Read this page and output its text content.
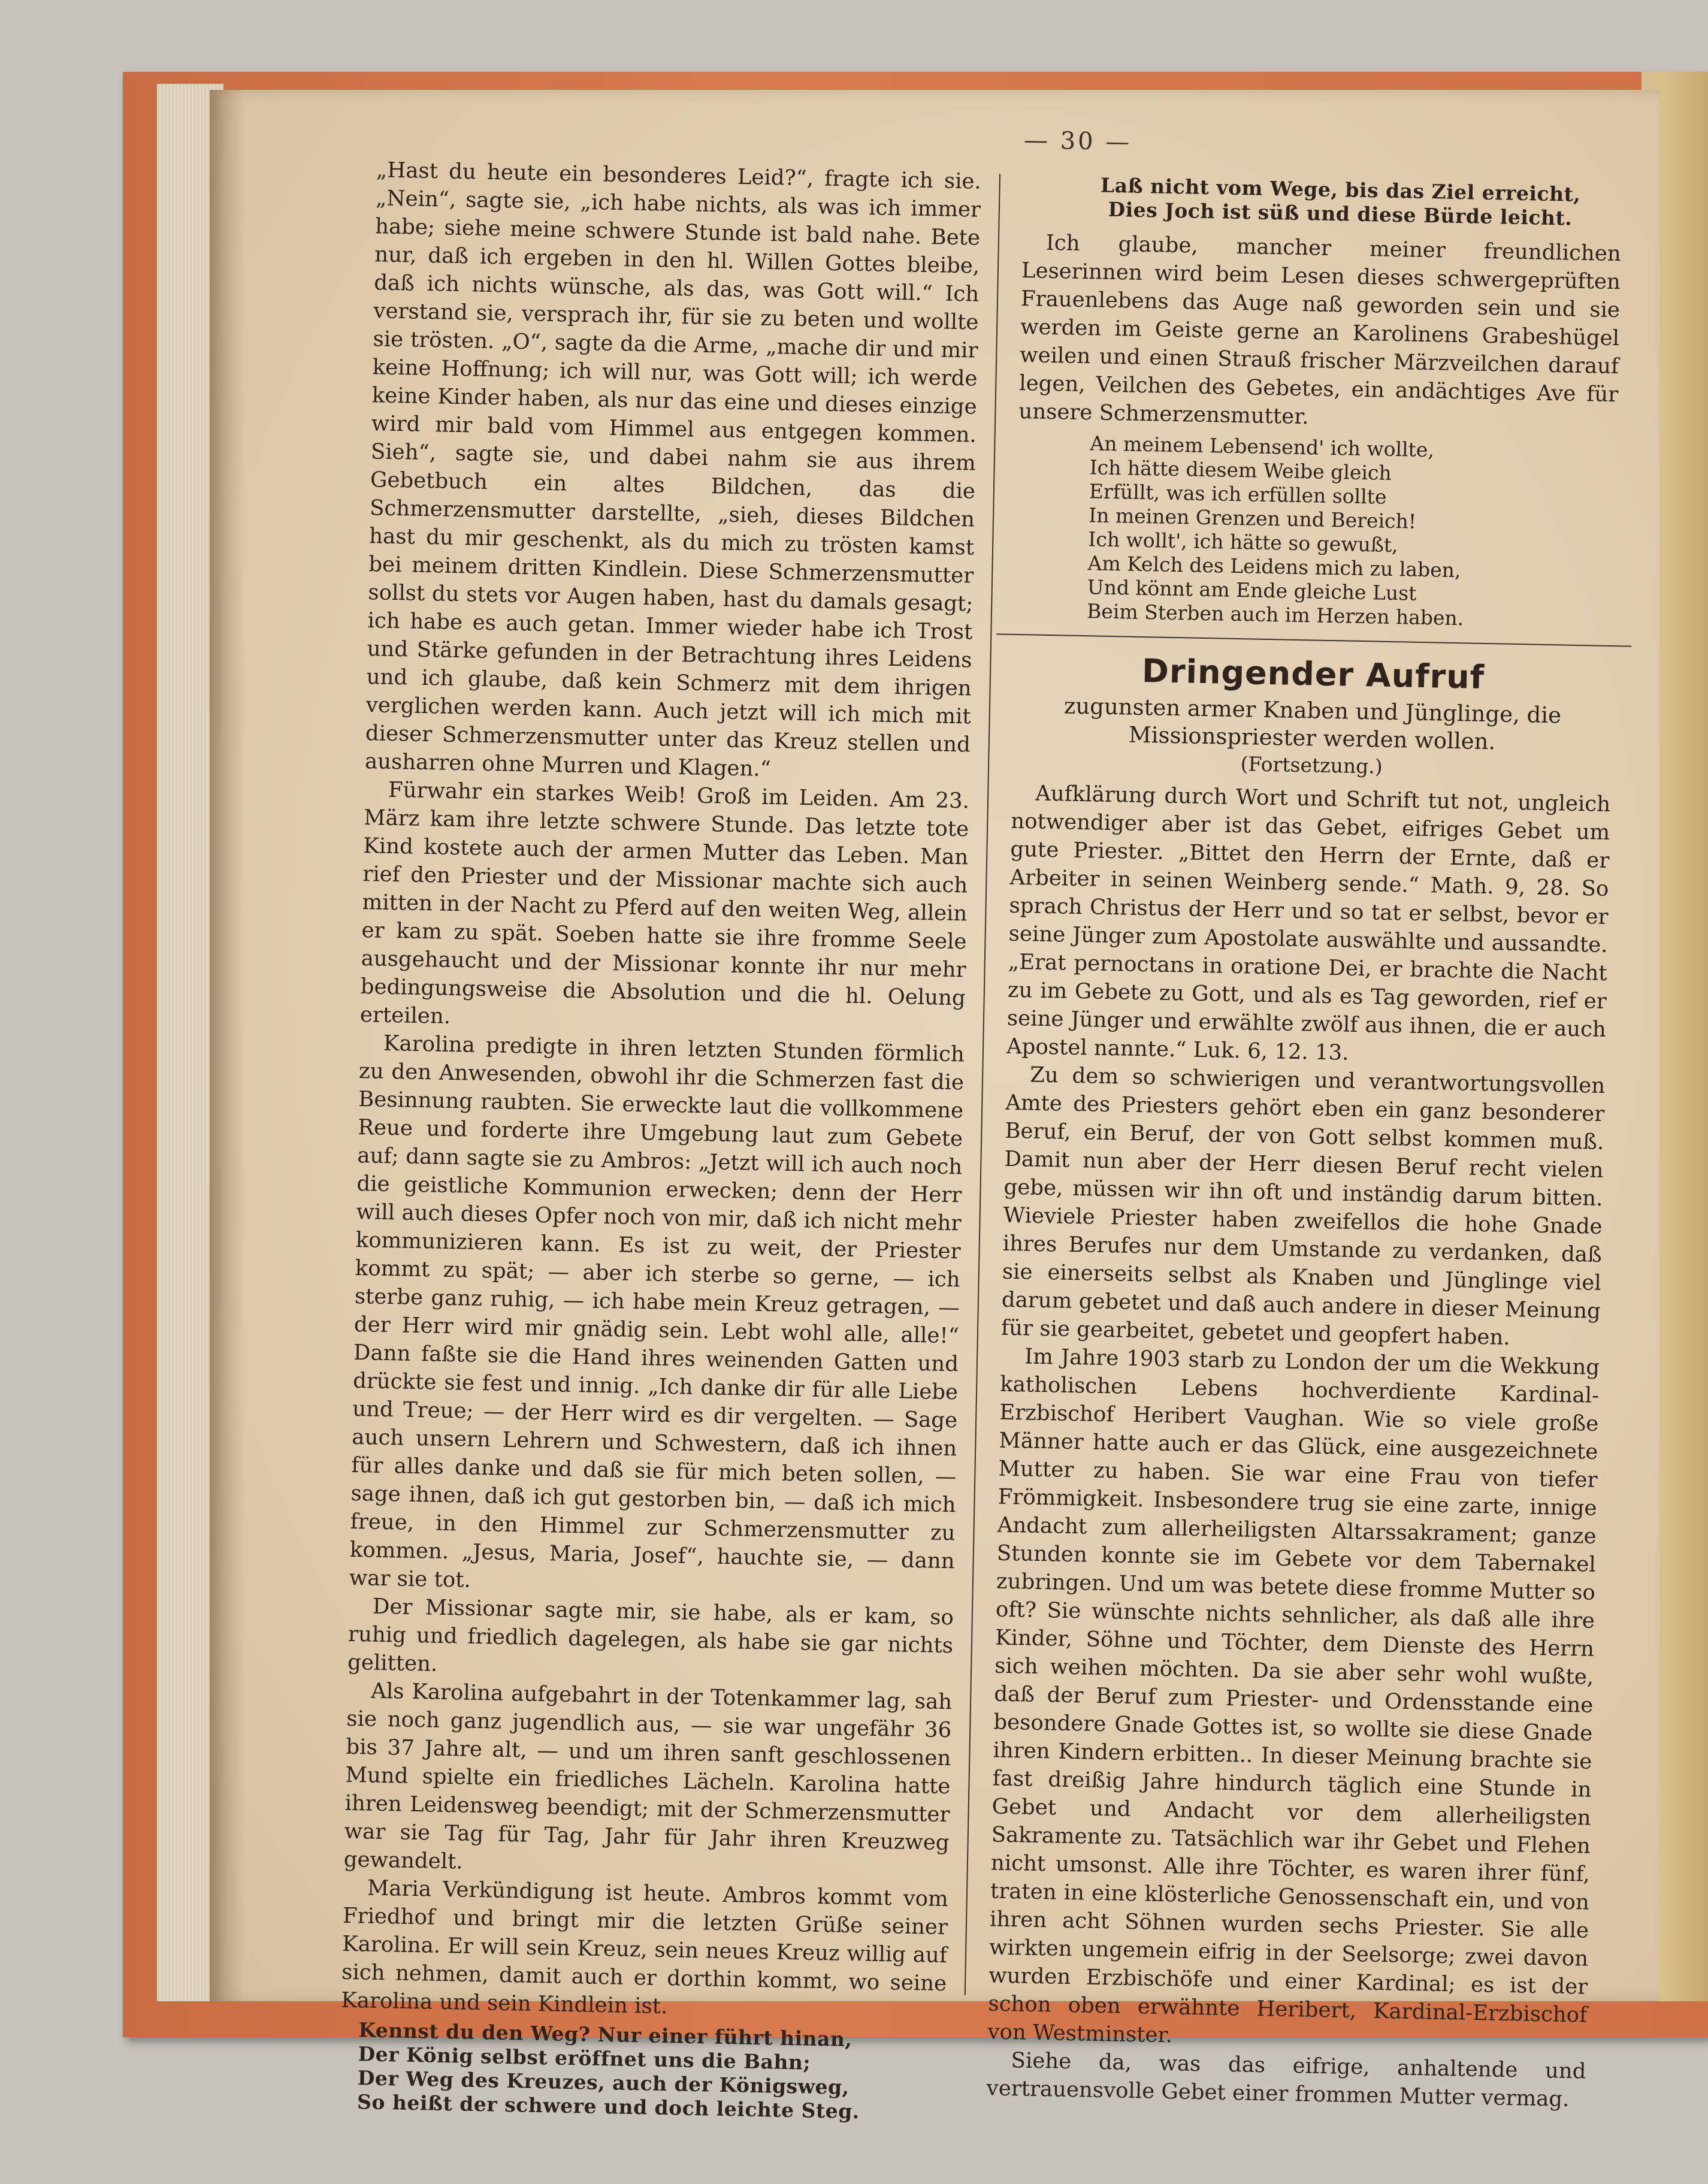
— 30 —

„Hast du heute ein besonderes Leid?“, fragte ich sie. „Nein“, sagte sie, „ich habe nichts, als was ich immer habe; siehe meine schwere Stunde ist bald nahe. Bete nur, daß ich ergeben in den hl. Willen Gottes bleibe, daß ich nichts wünsche, als das, was Gott will.“ Ich verstand sie, versprach ihr, für sie zu beten und wollte sie trösten. „O“, sagte da die Arme, „mache dir und mir keine Hoffnung; ich will nur, was Gott will; ich werde keine Kinder haben, als nur das eine und dieses einzige wird mir bald vom Himmel aus entgegen kommen. Sieh“, sagte sie, und dabei nahm sie aus ihrem Gebetbuch ein altes Bildchen, das die Schmerzensmutter darstellte, „sieh, dieses Bildchen hast du mir geschenkt, als du mich zu trösten kamst bei meinem dritten Kindlein. Diese Schmerzensmutter sollst du stets vor Augen haben, hast du damals gesagt; ich habe es auch getan. Immer wieder habe ich Trost und Stärke gefunden in der Betrachtung ihres Leidens und ich glaube, daß kein Schmerz mit dem ihrigen verglichen werden kann. Auch jetzt will ich mich mit dieser Schmerzensmutter unter das Kreuz stellen und ausharren ohne Murren und Klagen.“

Fürwahr ein starkes Weib! Groß im Leiden. Am 23. März kam ihre letzte schwere Stunde. Das letzte tote Kind kostete auch der armen Mutter das Leben. Man rief den Priester und der Missionar machte sich auch mitten in der Nacht zu Pferd auf den weiten Weg, allein er kam zu spät. Soeben hatte sie ihre fromme Seele ausgehaucht und der Missionar konnte ihr nur mehr bedingungsweise die Absolution und die hl. Oelung erteilen.

Karolina predigte in ihren letzten Stunden förmlich zu den Anwesenden, obwohl ihr die Schmerzen fast die Besinnung raubten. Sie erweckte laut die vollkommene Reue und forderte ihre Umgebung laut zum Gebete auf; dann sagte sie zu Ambros: „Jetzt will ich auch noch die geistliche Kommunion erwecken; denn der Herr will auch dieses Opfer noch von mir, daß ich nicht mehr kommunizieren kann. Es ist zu weit, der Priester kommt zu spät; — aber ich sterbe so gerne, — ich sterbe ganz ruhig, — ich habe mein Kreuz getragen, — der Herr wird mir gnädig sein. Lebt wohl alle, alle!“ Dann faßte sie die Hand ihres weinenden Gatten und drückte sie fest und innig. „Ich danke dir für alle Liebe und Treue; — der Herr wird es dir vergelten. — Sage auch unsern Lehrern und Schwestern, daß ich ihnen für alles danke und daß sie für mich beten sollen, — sage ihnen, daß ich gut gestorben bin, — daß ich mich freue, in den Himmel zur Schmerzensmutter zu kommen. „Jesus, Maria, Josef“, hauchte sie, — dann war sie tot.

Der Missionar sagte mir, sie habe, als er kam, so ruhig und friedlich dagelegen, als habe sie gar nichts gelitten.

Als Karolina aufgebahrt in der Totenkammer lag, sah sie noch ganz jugendlich aus, — sie war ungefähr 36 bis 37 Jahre alt, — und um ihren sanft geschlossenen Mund spielte ein friedliches Lächeln. Karolina hatte ihren Leidensweg beendigt; mit der Schmerzensmutter war sie Tag für Tag, Jahr für Jahr ihren Kreuzweg gewandelt.

Maria Verkündigung ist heute. Ambros kommt vom Friedhof und bringt mir die letzten Grüße seiner Karolina. Er will sein Kreuz, sein neues Kreuz willig auf sich nehmen, damit auch er dorthin kommt, wo seine Karolina und sein Kindlein ist.

Kennst du den Weg? Nur einer führt hinan,
Der König selbst eröffnet uns die Bahn;
Der Weg des Kreuzes, auch der Königsweg,
So heißt der schwere und doch leichte Steg.
Laß nicht vom Wege, bis das Ziel erreicht,
Dies Joch ist süß und diese Bürde leicht.

Ich glaube, mancher meiner freundlichen Leserinnen wird beim Lesen dieses schwergeprüften Frauenlebens das Auge naß geworden sein und sie werden im Geiste gerne an Karolinens Grabeshügel weilen und einen Strauß frischer Märzveilchen darauf legen, Veilchen des Gebetes, ein andächtiges Ave für unsere Schmerzensmutter.

An meinem Lebensend' ich wollte,
Ich hätte diesem Weibe gleich
Erfüllt, was ich erfüllen sollte
In meinen Grenzen und Bereich!
Ich wollt', ich hätte so gewußt,
Am Kelch des Leidens mich zu laben,
Und könnt am Ende gleiche Lust
Beim Sterben auch im Herzen haben.
Dringender Aufruf
zugunsten armer Knaben und Jünglinge, die Missionspriester werden wollen.
(Fortsetzung.)

Aufklärung durch Wort und Schrift tut not, ungleich notwendiger aber ist das Gebet, eifriges Gebet um gute Priester. „Bittet den Herrn der Ernte, daß er Arbeiter in seinen Weinberg sende.“ Math. 9, 28. So sprach Christus der Herr und so tat er selbst, bevor er seine Jünger zum Apostolate auswählte und aussandte. „Erat pernoctans in oratione Dei, er brachte die Nacht zu im Gebete zu Gott, und als es Tag geworden, rief er seine Jünger und erwählte zwölf aus ihnen, die er auch Apostel nannte.“ Luk. 6, 12. 13.

Zu dem so schwierigen und verantwortungsvollen Amte des Priesters gehört eben ein ganz besonderer Beruf, ein Beruf, der von Gott selbst kommen muß. Damit nun aber der Herr diesen Beruf recht vielen gebe, müssen wir ihn oft und inständig darum bitten. Wieviele Priester haben zweifellos die hohe Gnade ihres Berufes nur dem Umstande zu verdanken, daß sie einerseits selbst als Knaben und Jünglinge viel darum gebetet und daß auch andere in dieser Meinung für sie gearbeitet, gebetet und geopfert haben.

Im Jahre 1903 starb zu London der um die Wekkung katholischen Lebens hochverdiente Kardinal-Erzbischof Heribert Vaughan. Wie so viele große Männer hatte auch er das Glück, eine ausgezeichnete Mutter zu haben. Sie war eine Frau von tiefer Frömmigkeit. Insbesondere trug sie eine zarte, innige Andacht zum allerheiligsten Altarssakrament; ganze Stunden konnte sie im Gebete vor dem Tabernakel zubringen. Und um was betete diese fromme Mutter so oft? Sie wünschte nichts sehnlicher, als daß alle ihre Kinder, Söhne und Töchter, dem Dienste des Herrn sich weihen möchten. Da sie aber sehr wohl wußte, daß der Beruf zum Priester- und Ordensstande eine besondere Gnade Gottes ist, so wollte sie diese Gnade ihren Kindern erbitten.. In dieser Meinung brachte sie fast dreißig Jahre hindurch täglich eine Stunde in Gebet und Andacht vor dem allerheiligsten Sakramente zu. Tatsächlich war ihr Gebet und Flehen nicht umsonst. Alle ihre Töchter, es waren ihrer fünf, traten in eine klösterliche Genossenschaft ein, und von ihren acht Söhnen wurden sechs Priester. Sie alle wirkten ungemein eifrig in der Seelsorge; zwei davon wurden Erzbischöfe und einer Kardinal; es ist der schon oben erwähnte Heribert, Kardinal-Erzbischof von Westminster.

Siehe da, was das eifrige, anhaltende und vertrauensvolle Gebet einer frommen Mutter vermag.
